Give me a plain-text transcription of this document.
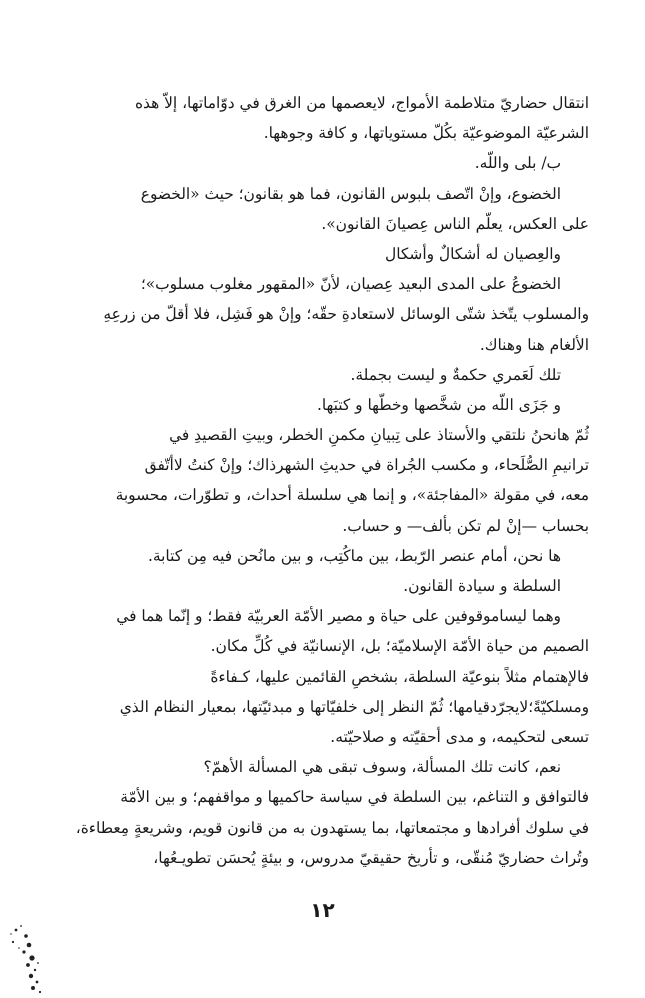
انتقال حضاريّ متلاطمة الأمواج، لايعصمها من الغرق في دوّاماتها، إلاّ هذه
الشرعيّة الموضوعيّة بكُلّ مستوياتها، و كافة وجوهها.
ب/ بلى واللّه.
الخضوع، وإنْ اتّصف بلبوس القانون، فما هو بقانون؛ حيث «الخضوع
على العكس، يعلّم الناس عِصيانَ القانون».
والعِصيان له أشكالٌ وأشكال
الخضوعُ على المدى البعيد عِصيان، لأنّ «المقهور مغلوب مسلوب»؛
والمسلوب يتّخذ شتّى الوسائل لاستعادةِ حقّه؛ وإنْ هو فَشِل، فلا أقلّ من زرعِهِ
الألغام هنا وهناك.
تلك لَعَمري حكمةٌ و ليست بجملة.
و جَزَى اللّه من شخَّصها وخطّها و كتبَها.
ثُمّ هانحنُ نلتقي والأستاذ على تِبيانِ مكمنِ الخطر، وبيتِ القصيدِ في
ترانيمِ الصُّلَحاء، و مكسب الجُراة في حديثِ الشهرذاك؛ وإنْ كنتُ لاأتّفق
معه، في مقولة «المفاجئة»، و إنما هي سلسلة أحداث، و تطوّرات، محسوبة
بحساب —إنْ لم تكن بألف— و حساب.
ها نحن، أمام عنصر الرّبط، بين ماكُتِب، و بين مانُحن فيه مِن كتابة.
السلطة و سيادة القانون.
وهما ليساموقوفين على حياة و مصير الأمّة العربيّة فقط؛ و إنّما هما في
الصميم من حياة الأمّة الإسلاميّة؛ بل، الإنسانيّة في كُلِّ مكان.
فالإهتمام مثلاً بنوعيّة السلطة، بشخصِ القائمين عليها، كـفاءةً
ومسلكيّةً؛لايجرّدقيامها؛ ثُمّ النظر إلى خلفيّاتها و مبدئيّتها، بمعيار النظام الذي
تسعى لتحكيمه، و مدى أحقيّته و صلاحيّته.
نعم، كانت تلك المسألة، وسوف تبقى هي المسألة الأهمّ؟
فالتوافق و التناغم، بين السلطة في سياسة حاكميها و مواقفهم؛ و بين الأمّة
في سلوك أفرادها و مجتمعاتها، بما يستهدون به من قانون قويم، وشريعةٍ مِعطاءة،
وتُراث حضاريّ مُنقّى، و تأريخ حقيقيّ مدروس، و بيئةٍ يُحسَن تطويـعُها،
١٢
